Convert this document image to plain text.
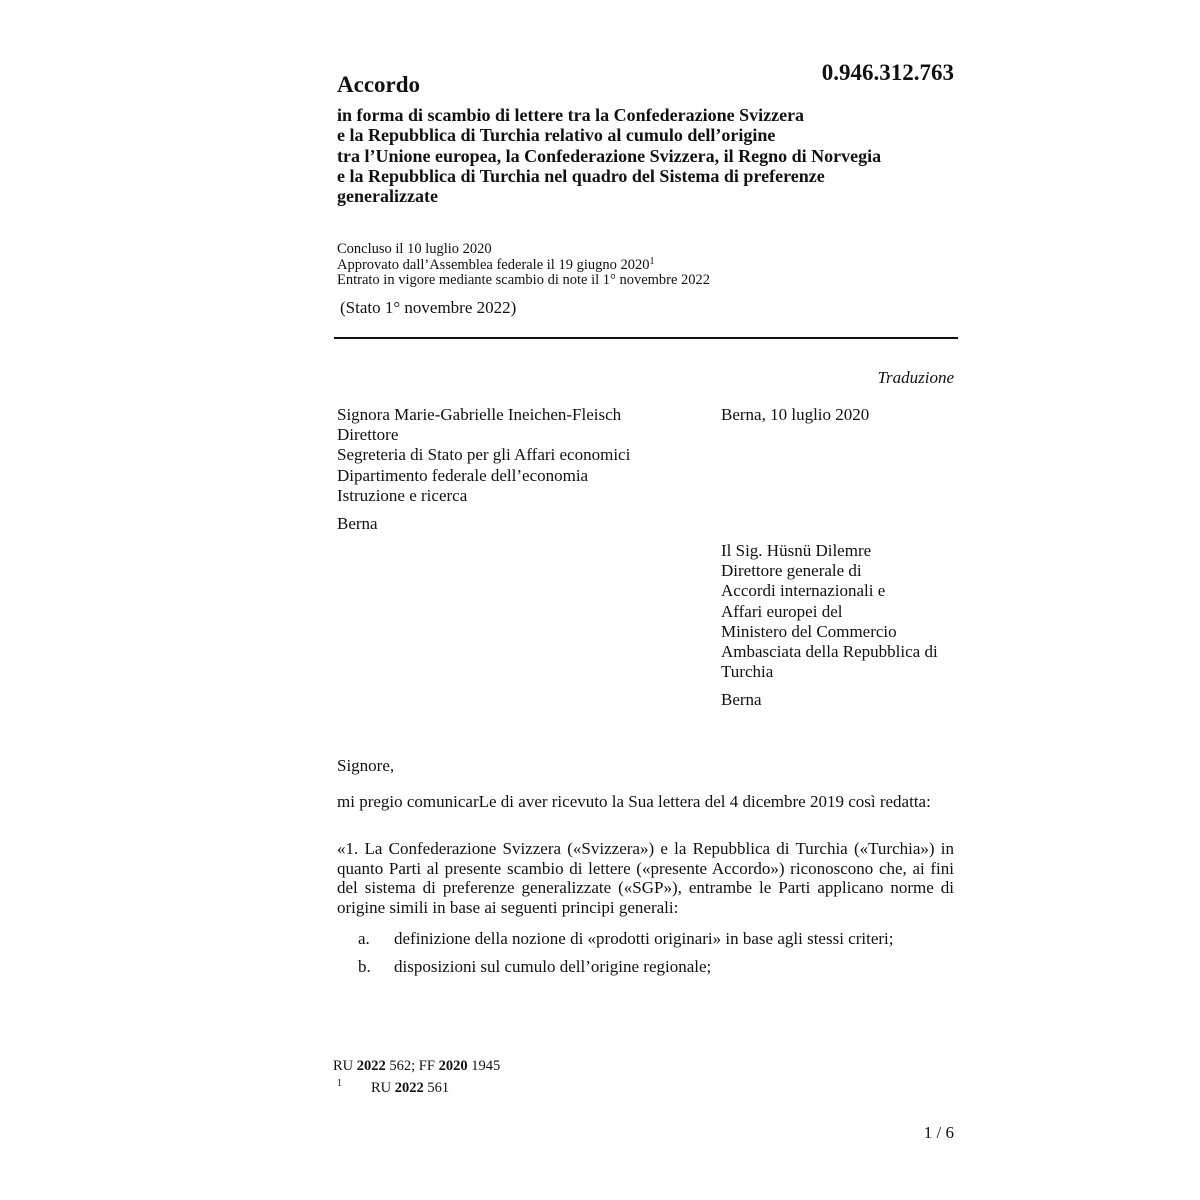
Accordo	0.946.312.763
in forma di scambio di lettere tra la Confederazione Svizzera
e la Repubblica di Turchia relativo al cumulo dell’origine
tra l’Unione europea, la Confederazione Svizzera, il Regno di Norvegia
e la Repubblica di Turchia nel quadro del Sistema di preferenze
generalizzate
Concluso il 10 luglio 2020
Approvato dall’Assemblea federale il 19 giugno 2020$^1$
Entrato in vigore mediante scambio di note il 1° novembre 2022
(Stato 1° novembre 2022)
Traduzione
Signora Marie-Gabrielle Ineichen-Fleisch
Direttore
Segreteria di Stato per gli Affari economici
Dipartimento federale dell’economia
Istruzione e ricerca
Berna
Berna, 10 luglio 2020
Il Sig. Hüsnü Dilemre
Direttore generale di
Accordi internazionali e
Affari europei del
Ministero del Commercio
Ambasciata della Repubblica di
Turchia
Berna
Signore,
mi pregio comunicarLe di aver ricevuto la Sua lettera del 4 dicembre 2019 così redatta:
«1. La Confederazione Svizzera («Svizzera») e la Repubblica di Turchia («Turchia») in quanto Parti al presente scambio di lettere («presente Accordo») riconoscono che, ai fini del sistema di preferenze generalizzate («SGP»), entrambe le Parti applicano norme di origine simili in base ai seguenti principi generali:
a. definizione della nozione di «prodotti originari» in base agli stessi criteri;
b. disposizioni sul cumulo dell’origine regionale;
RU 2022 562; FF 2020 1945
1 RU 2022 561
1 / 6
